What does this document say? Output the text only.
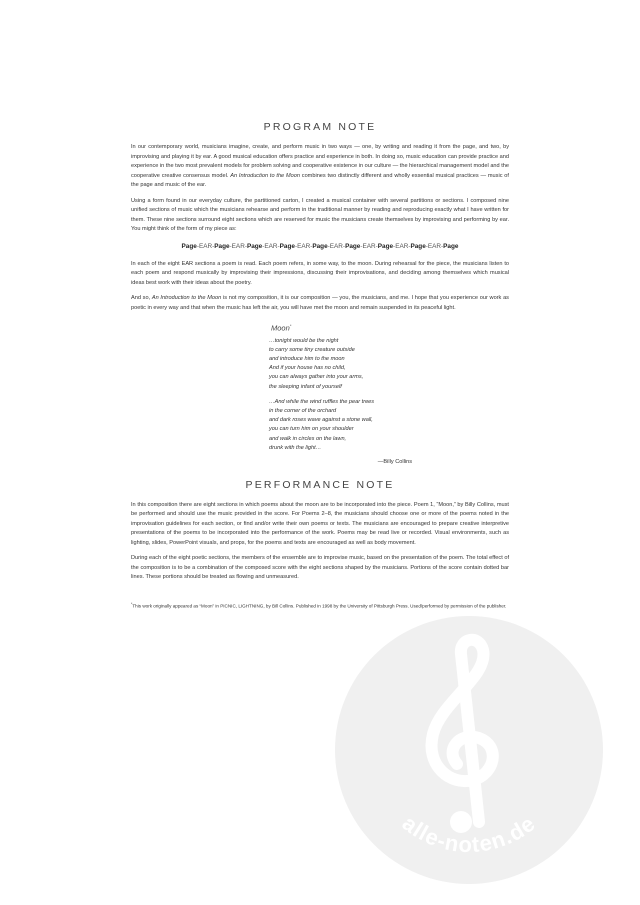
PROGRAM NOTE

In our contemporary world, musicians imagine, create, and perform music in two ways — one, by writing and reading it from the page, and two, by improvising and playing it by ear. A good musical education offers practice and experience in both. In doing so, music education can provide practice and experience in the two most prevalent models for problem solving and cooperative existence in our culture — the hierarchical management model and the cooperative creative consensus model. An Introduction to the Moon combines two distinctly different and wholly essential musical practices — music of the page and music of the ear.

Using a form found in our everyday culture, the partitioned carton, I created a musical container with several partitions or sections. I composed nine unified sections of music which the musicians rehearse and perform in the traditional manner by reading and reproducing exactly what I have written for them. These nine sections surround eight sections which are reserved for music the musicians create themselves by improvising and performing by ear. You might think of the form of my piece as:

Page-EAR-Page-EAR-Page-EAR-Page-EAR-Page-EAR-Page-EAR-Page-EAR-Page-EAR-Page

In each of the eight EAR sections a poem is read. Each poem refers, in some way, to the moon. During rehearsal for the piece, the musicians listen to each poem and respond musically by improvising their impressions, discussing their improvisations, and deciding among themselves which musical ideas best work with their ideas about the poetry.

And so, An Introduction to the Moon is not my composition, it is our composition — you, the musicians, and me. I hope that you experience our work as poetic in every way and that when the music has left the air, you will have met the moon and remain suspended in its peaceful light.

Moon*
…tonight would be the night
to carry some tiny creature outside
and introduce him to the moon
And if your house has no child,
you can always gather into your arms,
the sleeping infant of yourself
…And while the wind ruffles the pear trees
in the corner of the orchard
and dark roses wave against a stone wall,
you can turn him on your shoulder
and walk in circles on the lawn,
drunk with the light…
—Billy Collins
PERFORMANCE NOTE

In this composition there are eight sections in which poems about the moon are to be incorporated into the piece. Poem 1, “Moon,” by Billy Collins, must be performed and should use the music provided in the score. For Poems 2–8, the musicians should choose one or more of the poems noted in the improvisation guidelines for each section, or find and/or write their own poems or texts. The musicians are encouraged to prepare creative interpretive presentations of the poems to be incorporated into the performance of the work. Poems may be read live or recorded. Visual environments, such as lighting, slides, PowerPoint visuals, and props, for the poems and texts are encouraged as well as body movement.

During each of the eight poetic sections, the members of the ensemble are to improvise music, based on the presentation of the poem. The total effect of the composition is to be a combination of the composed score with the eight sections shaped by the musicians. Portions of the score contain dotted bar lines. These portions should be treated as flowing and unmeasured.

*This work originally appeared as “Moon” in PICNIC, LIGHTNING, by Bill Collins. Published in 1998 by the University of Pittsburgh Press. Used/performed by permission of the publisher.
alle-noten.de
